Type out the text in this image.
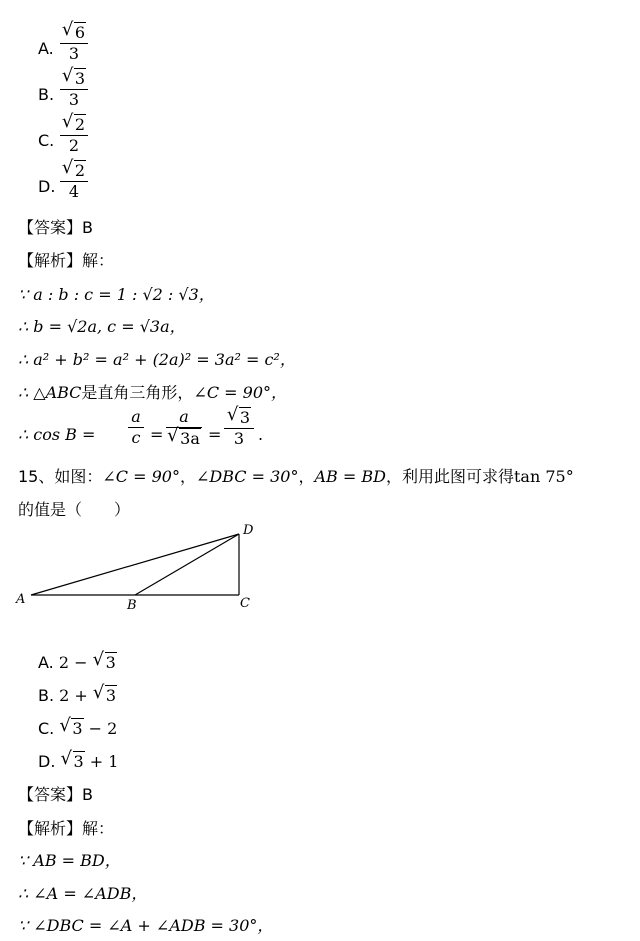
A.
√ 6
3
B.
√ 3
3
C.
√ 2
2
D.
√ 2
4
【答案】B
【解析】解：
∵ a : b : c = 1 : √2 : √3，
∴ b = √2a, c = √3a，
∴ a² + b² = a² + (2a)² = 3a² = c²，
∴ △ABC是直角三角形，∠C = 90°，
∴ cos B =
a
c =
a
√ 3a =
√ 3
3 .
15、如图：∠C = 90°，∠DBC = 30°，AB = BD，利用此图可求得tan 75°
的值是（　　）
A	B	C
D
A. 2 − √ 3
B. 2 + √ 3
C. √ 3 − 2
D. √ 3 + 1
【答案】B
【解析】解：
∵ AB = BD，
∴ ∠A = ∠ADB，
∵ ∠DBC = ∠A + ∠ADB = 30°，
